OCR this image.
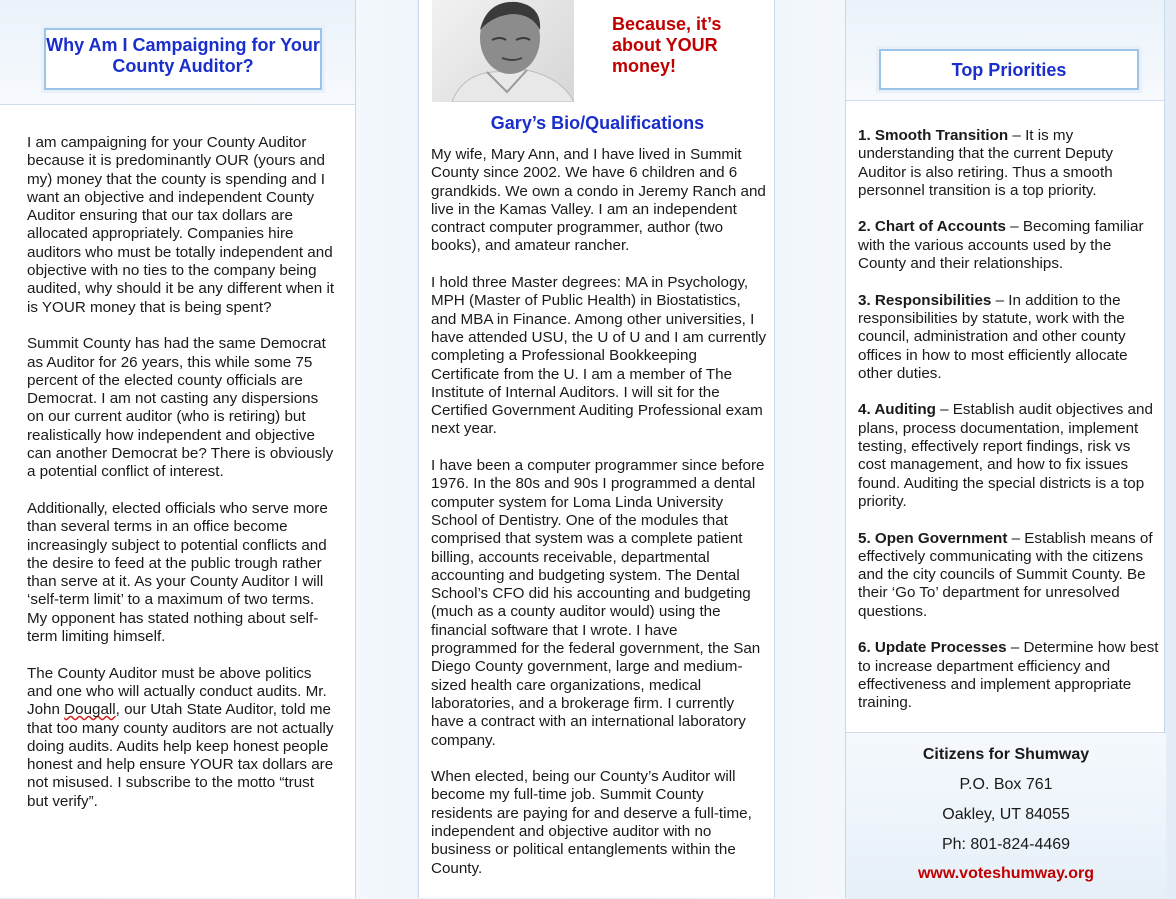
Why Am I Campaigning for Your County Auditor?

I am campaigning for your County Auditor because it is predominantly OUR (yours and my) money that the county is spending and I want an objective and independent County Auditor ensuring that our tax dollars are allocated appropriately. Companies hire auditors who must be totally independent and objective with no ties to the company being audited, why should it be any different when it is YOUR money that is being spent?

Summit County has had the same Democrat as Auditor for 26 years, this while some 75 percent of the elected county officials are Democrat. I am not casting any dispersions on our current auditor (who is retiring) but realistically how independent and objective can another Democrat be? There is obviously a potential conflict of interest.

Additionally, elected officials who serve more than several terms in an office become increasingly subject to potential conflicts and the desire to feed at the public trough rather than serve at it. As your County Auditor I will ‘self-term limit’ to a maximum of two terms. My opponent has stated nothing about self-term limiting himself.

The County Auditor must be above politics and one who will actually conduct audits. Mr. John Dougall, our Utah State Auditor, told me that too many county auditors are not actually doing audits. Audits help keep honest people honest and help ensure YOUR tax dollars are not misused. I subscribe to the motto “trust but verify”.

Because, it’s about YOUR money!
Gary’s Bio/Qualifications

My wife, Mary Ann, and I have lived in Summit County since 2002. We have 6 children and 6 grandkids. We own a condo in Jeremy Ranch and live in the Kamas Valley. I am an independent contract computer programmer, author (two books), and amateur rancher.

I hold three Master degrees: MA in Psychology, MPH (Master of Public Health) in Biostatistics, and MBA in Finance. Among other universities, I have attended USU, the U of U and I am currently completing a Professional Bookkeeping Certificate from the U. I am a member of The Institute of Internal Auditors. I will sit for the Certified Government Auditing Professional exam next year.

I have been a computer programmer since before 1976. In the 80s and 90s I programmed a dental computer system for Loma Linda University School of Dentistry. One of the modules that comprised that system was a complete patient billing, accounts receivable, departmental accounting and budgeting system. The Dental School’s CFO did his accounting and budgeting (much as a county auditor would) using the financial software that I wrote. I have programmed for the federal government, the San Diego County government, large and medium-sized health care organizations, medical laboratories, and a brokerage firm. I currently have a contract with an international laboratory company.

When elected, being our County’s Auditor will become my full-time job. Summit County residents are paying for and deserve a full-time, independent and objective auditor with no business or political entanglements within the County.

Top Priorities

1. Smooth Transition – It is my understanding that the current Deputy Auditor is also retiring. Thus a smooth personnel transition is a top priority.

2. Chart of Accounts – Becoming familiar with the various accounts used by the County and their relationships.

3. Responsibilities – In addition to the responsibilities by statute, work with the council, administration and other county offices in how to most efficiently allocate other duties.

4. Auditing – Establish audit objectives and plans, process documentation, implement testing, effectively report findings, risk vs cost management, and how to fix issues found. Auditing the special districts is a top priority.

5. Open Government – Establish means of effectively communicating with the citizens and the city councils of Summit County. Be their ‘Go To’ department for unresolved questions.

6. Update Processes – Determine how best to increase department efficiency and effectiveness and implement appropriate training.

Citizens for Shumway
P.O. Box 761
Oakley, UT 84055
Ph: 801-824-4469
www.voteshumway.org
